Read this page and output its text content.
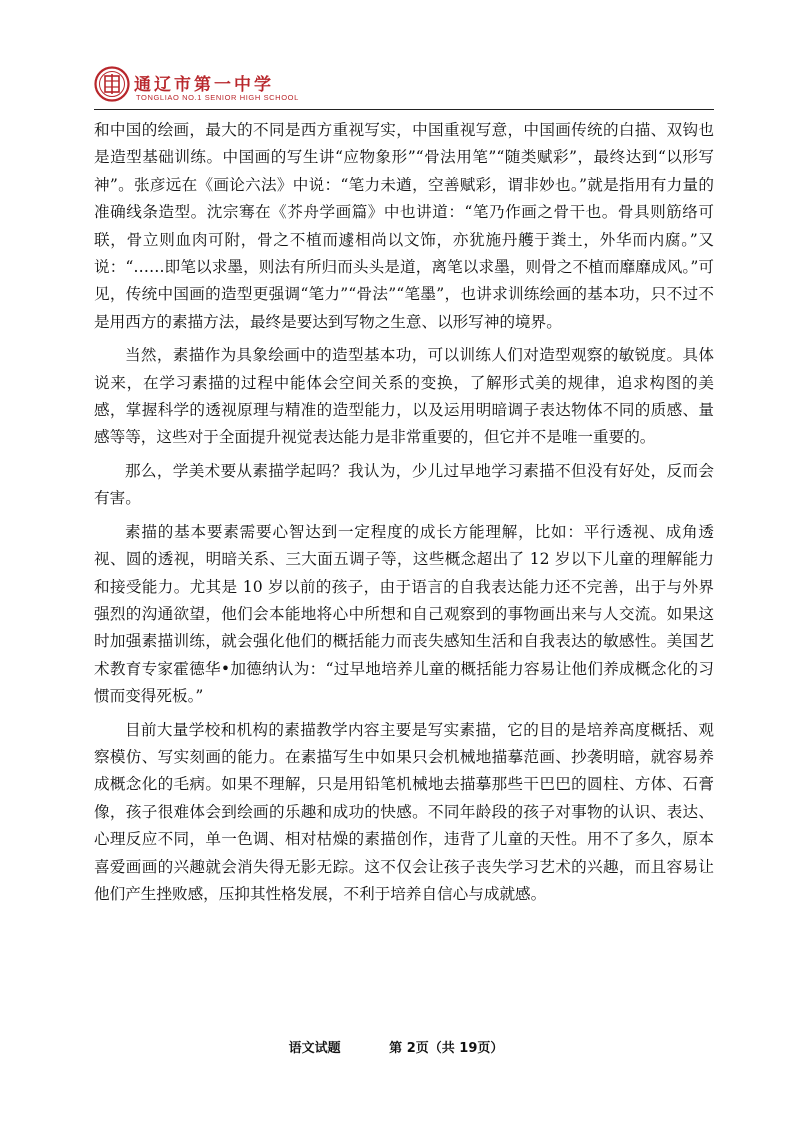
通辽市第一中学
TONGLIAO NO.1 SENIOR HIGH SCHOOL

和中国的绘画，最大的不同是西方重视写实，中国重视写意，中国画传统的白描、双钩也是造型基础训练。中国画的写生讲“应物象形”“骨法用笔”“随类赋彩”，最终达到“以形写神”。张彦远在《画论六法》中说：“笔力未遒，空善赋彩，谓非妙也。”就是指用有力量的准确线条造型。沈宗骞在《芥舟学画篇》中也讲道：“笔乃作画之骨干也。骨具则筋络可联，骨立则血肉可附，骨之不植而遽相尚以文饰，亦犹施丹艧于粪土，外华而内腐。”又说：“……即笔以求墨，则法有所归而头头是道，离笔以求墨，则骨之不植而靡靡成风。”可见，传统中国画的造型更强调“笔力”“骨法”“笔墨”，也讲求训练绘画的基本功，只不过不是用西方的素描方法，最终是要达到写物之生意、以形写神的境界。

当然，素描作为具象绘画中的造型基本功，可以训练人们对造型观察的敏锐度。具体说来，在学习素描的过程中能体会空间关系的变换，了解形式美的规律，追求构图的美感，掌握科学的透视原理与精准的造型能力，以及运用明暗调子表达物体不同的质感、量感等等，这些对于全面提升视觉表达能力是非常重要的，但它并不是唯一重要的。

那么，学美术要从素描学起吗？我认为，少儿过早地学习素描不但没有好处，反而会有害。

素描的基本要素需要心智达到一定程度的成长方能理解，比如：平行透视、成角透视、圆的透视，明暗关系、三大面五调子等，这些概念超出了 12 岁以下儿童的理解能力和接受能力。尤其是 10 岁以前的孩子，由于语言的自我表达能力还不完善，出于与外界强烈的沟通欲望，他们会本能地将心中所想和自己观察到的事物画出来与人交流。如果这时加强素描训练，就会强化他们的概括能力而丧失感知生活和自我表达的敏感性。美国艺术教育专家霍德华•加德纳认为：“过早地培养儿童的概括能力容易让他们养成概念化的习惯而变得死板。”

目前大量学校和机构的素描教学内容主要是写实素描，它的目的是培养高度概括、观察模仿、写实刻画的能力。在素描写生中如果只会机械地描摹范画、抄袭明暗，就容易养成概念化的毛病。如果不理解，只是用铅笔机械地去描摹那些干巴巴的圆柱、方体、石膏像，孩子很难体会到绘画的乐趣和成功的快感。不同年龄段的孩子对事物的认识、表达、心理反应不同，单一色调、相对枯燥的素描创作，违背了儿童的天性。用不了多久，原本喜爱画画的兴趣就会消失得无影无踪。这不仅会让孩子丧失学习艺术的兴趣，而且容易让他们产生挫败感，压抑其性格发展，不利于培养自信心与成就感。

语文试题	第 2页（共 19页）
